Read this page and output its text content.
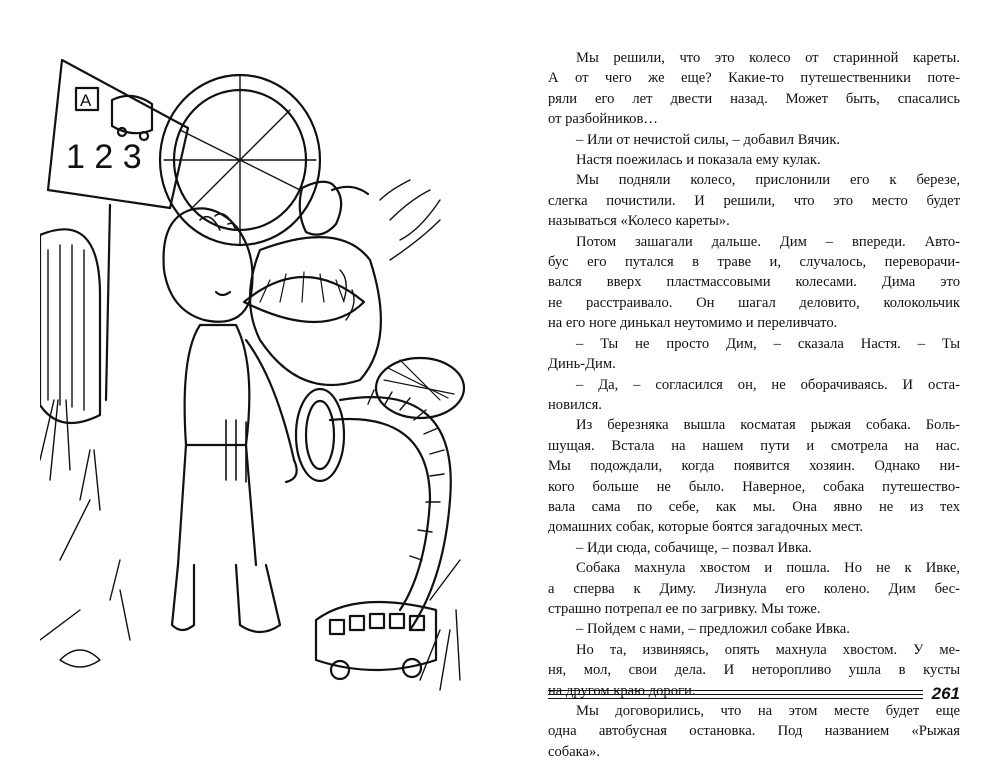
А
1 2 3

Мы решили, что это колесо от старинной кареты.
А от чего же еще? Какие-то путешественники поте-
ряли его лет двести назад. Может быть, спасались
от разбойников…

– Или от нечистой силы, – добавил Вячик.

Настя поежилась и показала ему кулак.

Мы подняли колесо, прислонили его к березе,
слегка почистили. И решили, что это место будет
называться «Колесо кареты».

Потом зашагали дальше. Дим – впереди. Авто-
бус его путался в траве и, случалось, переворачи-
вался вверх пластмассовыми колесами. Дима это
не расстраивало. Он шагал деловито, колокольчик
на его ноге динькал неутомимо и переливчато.

– Ты не просто Дим, – сказала Настя. – Ты
Динь-Дим.

– Да, – согласился он, не оборачиваясь. И оста-
новился.

Из березняка вышла косматая рыжая собака. Боль-
шущая. Встала на нашем пути и смотрела на нас.
Мы подождали, когда появится хозяин. Однако ни-
кого больше не было. Наверное, собака путешество-
вала сама по себе, как мы. Она явно не из тех
домашних собак, которые боятся загадочных мест.

– Иди сюда, собачище, – позвал Ивка.

Собака махнула хвостом и пошла. Но не к Ивке,
а сперва к Диму. Лизнула его колено. Дим бес-
страшно потрепал ее по загривку. Мы тоже.

– Пойдем с нами, – предложил собаке Ивка.

Но та, извиняясь, опять махнула хвостом. У ме-
ня, мол, свои дела. И неторопливо ушла в кусты
на другом краю дороги.

Мы договорились, что на этом месте будет еще
одна автобусная остановка. Под названием «Рыжая
собака».

261
